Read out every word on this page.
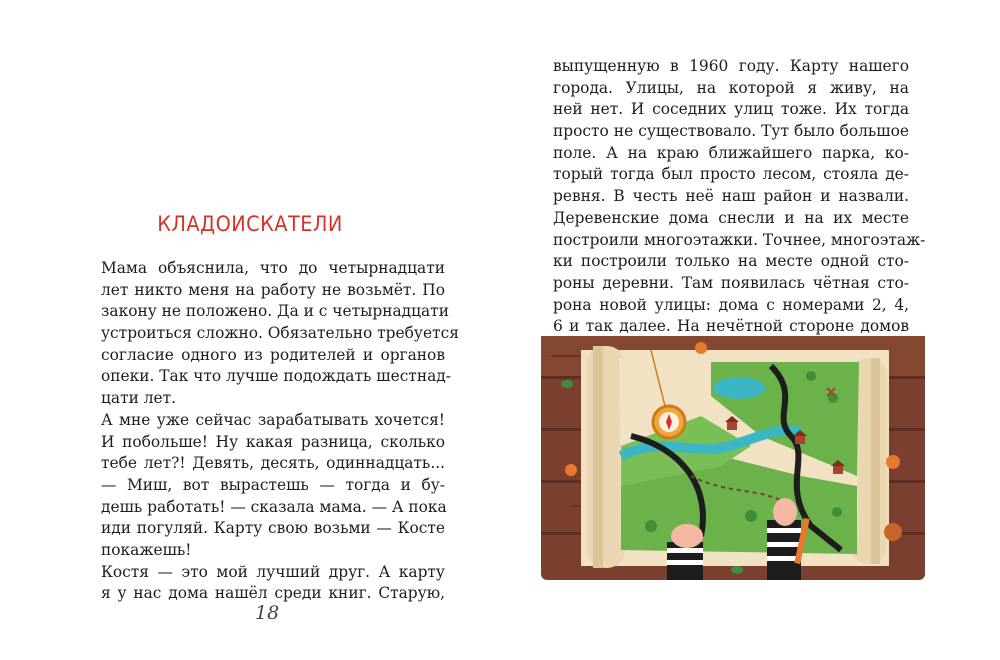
КЛАДОИСКАТЕЛИ
Мама объяснила, что до четырнадцати
лет никто меня на работу не возьмёт. По
закону не положено. Да и с четырнадцати
устроиться сложно. Обязательно требуется
согласие одного из родителей и органов
опеки. Так что лучше подождать шестнад-
цати лет.
А мне уже сейчас зарабатывать хочется!
И побольше! Ну какая разница, сколько
тебе лет?! Девять, десять, одиннадцать...
— Миш, вот вырастешь — тогда и бу-
дешь работать! — сказала мама. — А пока
иди погуляй. Карту свою возьми — Косте
покажешь!
Костя — это мой лучший друг. А карту
я у нас дома нашёл среди книг. Старую,
18
выпущенную в 1960 году. Карту нашего
города. Улицы, на которой я живу, на
ней нет. И соседних улиц тоже. Их тогда
просто не существовало. Тут было большое
поле. А на краю ближайшего парка, ко-
торый тогда был просто лесом, стояла де-
ревня. В честь неё наш район и назвали.
Деревенские дома снесли и на их месте
построили многоэтажки. Точнее, многоэтаж-
ки построили только на месте одной сто-
роны деревни. Там появилась чётная сто-
рона новой улицы: дома с номерами 2, 4,
6 и так далее. На нечётной стороне домов
